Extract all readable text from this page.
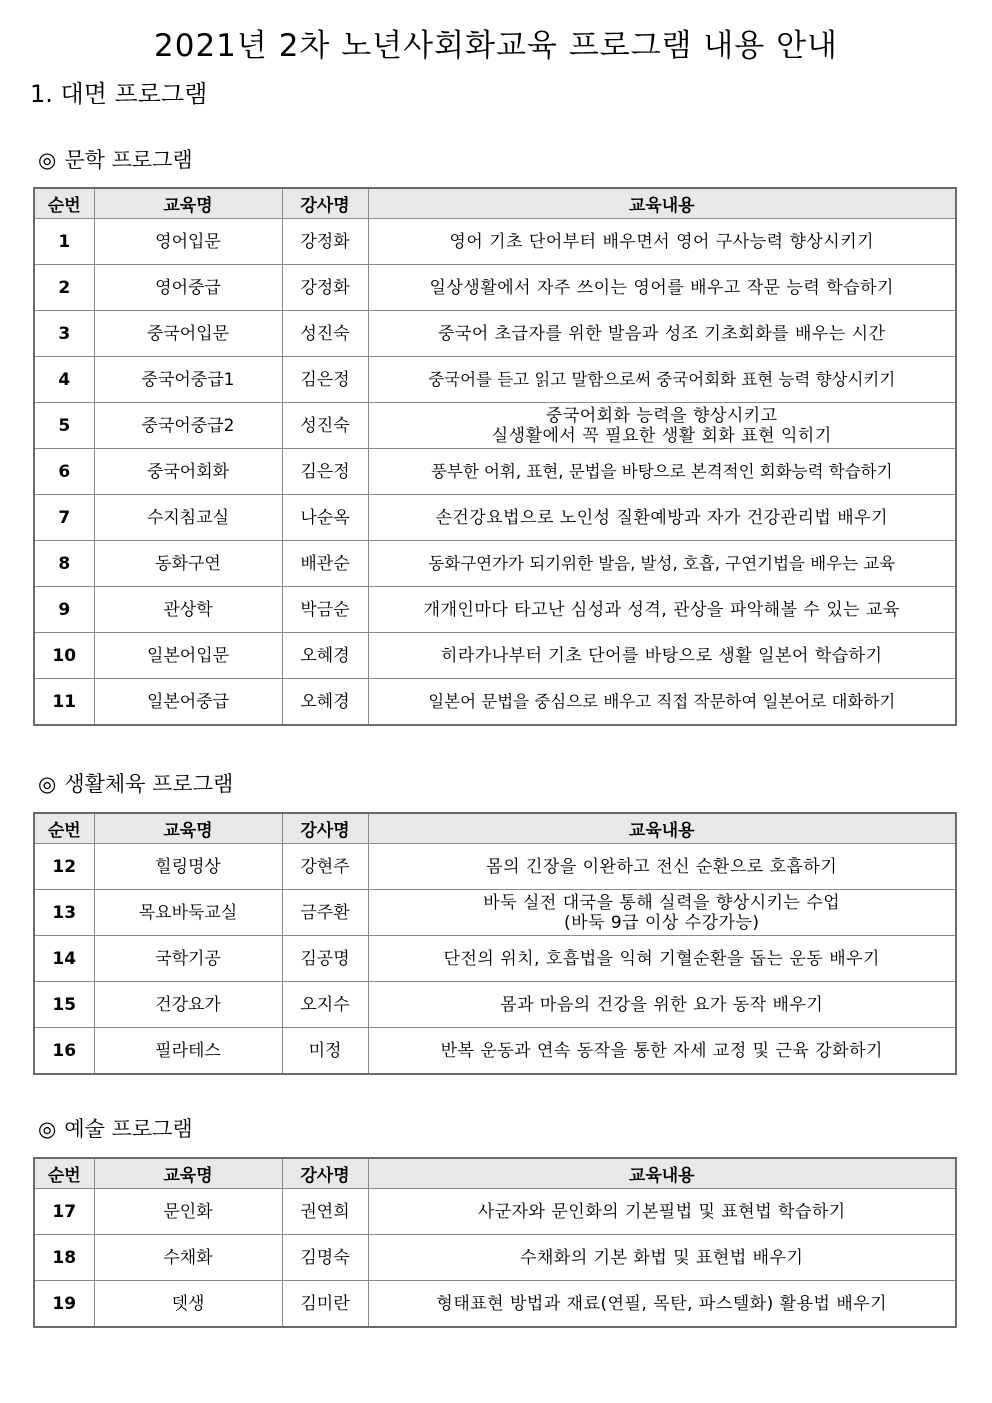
2021년 2차 노년사회화교육 프로그램 내용 안내
1. 대면 프로그램
◎ 문학 프로그램
순번	교육명	강사명	교육내용
1	영어입문	강정화	영어 기초 단어부터 배우면서 영어 구사능력 향상시키기

2	영어중급	강정화	일상생활에서 자주 쓰이는 영어를 배우고 작문 능력 학습하기

3	중국어입문	성진숙	중국어 초급자를 위한 발음과 성조 기초회화를 배우는 시간

4	중국어중급1	김은정	중국어를 듣고 읽고 말함으로써 중국어회화 표현 능력 향상시키기

5	중국어중급2	성진숙	중국어회화 능력을 향상시키고
실생활에서 꼭 필요한 생활 회화 표현 익히기

6	중국어회화	김은정	풍부한 어휘, 표현, 문법을 바탕으로 본격적인 회화능력 학습하기

7	수지침교실	나순옥	손건강요법으로 노인성 질환예방과 자가 건강관리법 배우기

8	동화구연	배관순	동화구연가가 되기위한 발음, 발성, 호흡, 구연기법을 배우는 교육

9	관상학	박금순	개개인마다 타고난 심성과 성격, 관상을 파악해볼 수 있는 교육

10	일본어입문	오혜경	히라가나부터 기초 단어를 바탕으로 생활 일본어 학습하기

11	일본어중급	오혜경	일본어 문법을 중심으로 배우고 직접 작문하여 일본어로 대화하기
◎ 생활체육 프로그램
순번	교육명	강사명	교육내용
12	힐링명상	강현주	몸의 긴장을 이완하고 전신 순환으로 호흡하기

13	목요바둑교실	금주환	바둑 실전 대국을 통해 실력을 향상시키는 수업
(바둑 9급 이상 수강가능)

14	국학기공	김공명	단전의 위치, 호흡법을 익혀 기혈순환을 돕는 운동 배우기

15	건강요가	오지수	몸과 마음의 건강을 위한 요가 동작 배우기

16	필라테스	미정	반복 운동과 연속 동작을 통한 자세 교정 및 근육 강화하기
◎ 예술 프로그램
순번	교육명	강사명	교육내용
17	문인화	권연희	사군자와 문인화의 기본필법 및 표현법 학습하기

18	수채화	김명숙	수채화의 기본 화법 및 표현법 배우기

19	뎃생	김미란	형태표현 방법과 재료(연필, 목탄, 파스텔화) 활용법 배우기
